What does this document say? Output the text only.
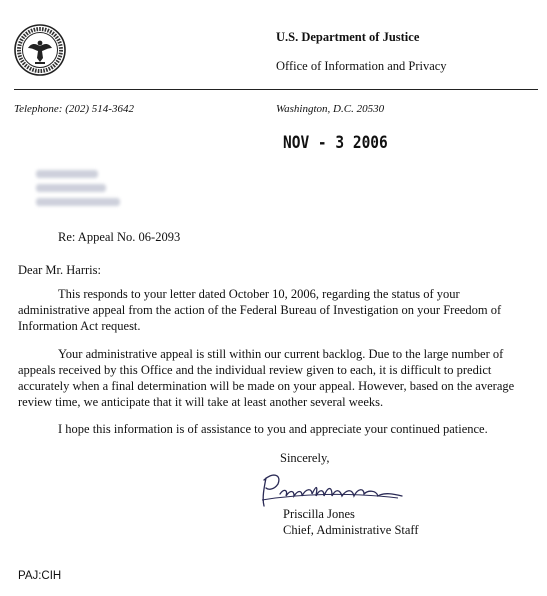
U.S. Department of Justice
Office of Information and Privacy
Telephone: (202) 514-3642	Washington, D.C. 20530
NOV - 3 2006
Re: Appeal No. 06-2093
Dear Mr. Harris:

This responds to your letter dated October 10, 2006, regarding the status of your administrative appeal from the action of the Federal Bureau of Investigation on your Freedom of Information Act request.

Your administrative appeal is still within our current backlog. Due to the large number of appeals received by this Office and the individual review given to each, it is difficult to predict accurately when a final determination will be made on your appeal. However, based on the average review time, we anticipate that it will take at least another several weeks.

I hope this information is of assistance to you and appreciate your continued patience.

Sincerely,
Priscilla Jones
Chief, Administrative Staff
PAJ:CIH
